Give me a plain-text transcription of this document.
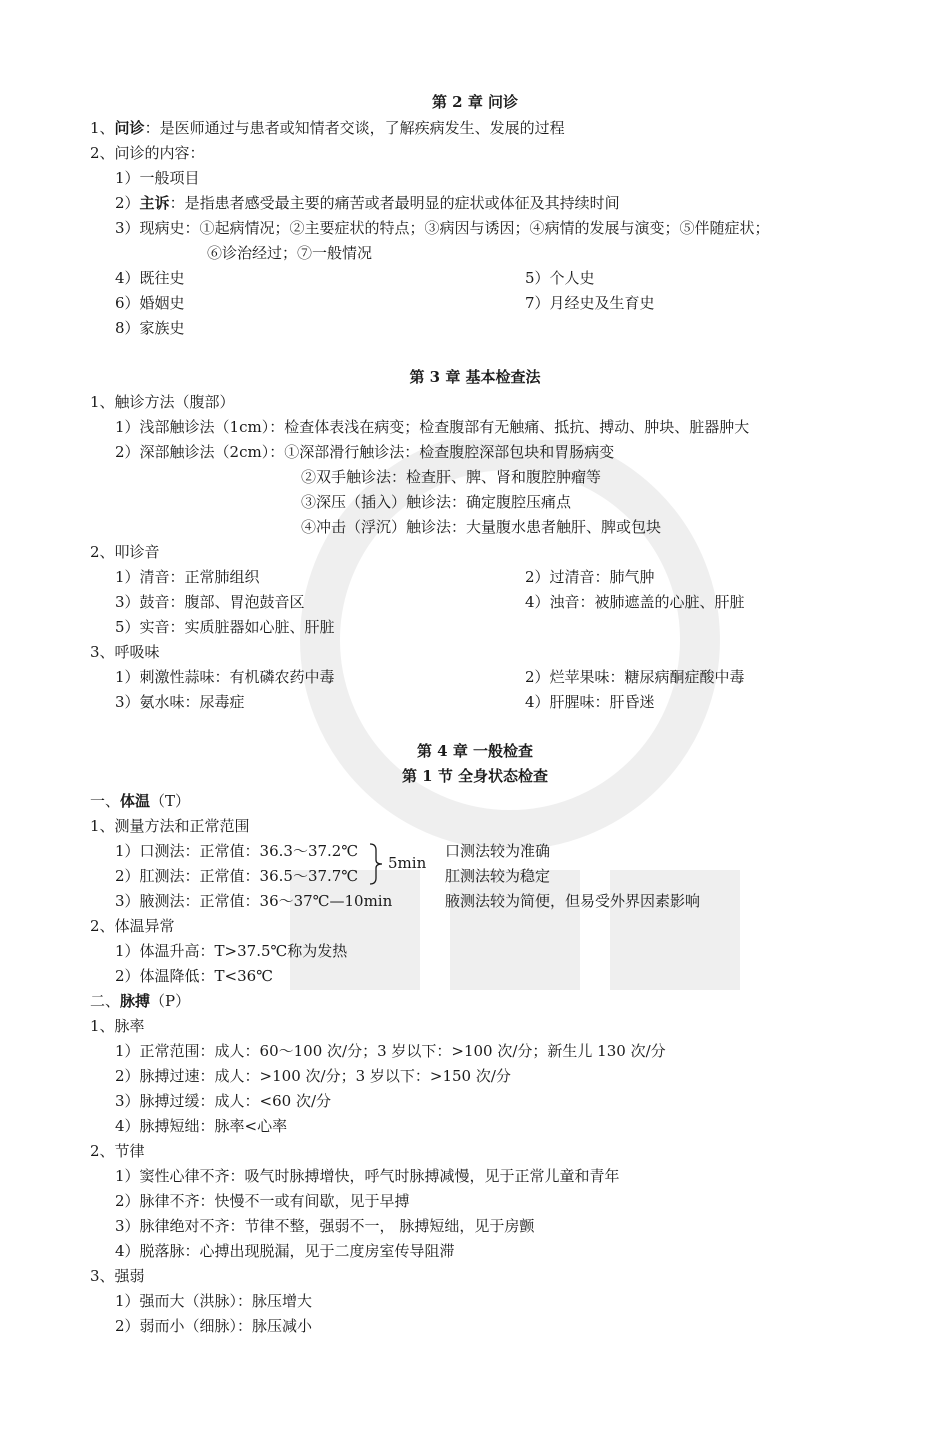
第 2 章 问诊
1、问诊：是医师通过与患者或知情者交谈，了解疾病发生、发展的过程
2、问诊的内容：
1）一般项目
2）主诉：是指患者感受最主要的痛苦或者最明显的症状或体征及其持续时间
3）现病史：①起病情况；②主要症状的特点；③病因与诱因；④病情的发展与演变；⑤伴随症状；
⑥诊治经过；⑦一般情况
4）既往史	5）个人史
6）婚姻史	7）月经史及生育史
8）家族史
第 3 章 基本检查法
1、触诊方法（腹部）
1）浅部触诊法（1cm）：检查体表浅在病变；检查腹部有无触痛、抵抗、搏动、肿块、脏器肿大
2）深部触诊法（2cm）：①深部滑行触诊法：检查腹腔深部包块和胃肠病变
②双手触诊法：检查肝、脾、肾和腹腔肿瘤等
③深压（插入）触诊法：确定腹腔压痛点
④冲击（浮沉）触诊法：大量腹水患者触肝、脾或包块
2、叩诊音
1）清音：正常肺组织	2）过清音：肺气肿
3）鼓音：腹部、胃泡鼓音区	4）浊音：被肺遮盖的心脏、肝脏
5）实音：实质脏器如心脏、肝脏
3、呼吸味
1）刺激性蒜味：有机磷农药中毒	2）烂苹果味：糖尿病酮症酸中毒
3）氨水味：尿毒症	4）肝腥味：肝昏迷
第 4 章 一般检查
第 1 节 全身状态检查
一、体温（T）
1、测量方法和正常范围
1）口测法：正常值：36.3～37.2℃	口测法较为准确
5min
2）肛测法：正常值：36.5～37.7℃	肛测法较为稳定
3）腋测法：正常值：36～37℃—10min	腋测法较为简便，但易受外界因素影响
2、体温异常
1）体温升高：T>37.5℃称为发热
2）体温降低：T<36℃
二、脉搏（P）
1、脉率
1）正常范围：成人：60～100 次/分；3 岁以下：>100 次/分；新生儿 130 次/分
2）脉搏过速：成人：>100 次/分；3 岁以下：>150 次/分
3）脉搏过缓：成人：<60 次/分
4）脉搏短绌：脉率<心率
2、节律
1）窦性心律不齐：吸气时脉搏增快，呼气时脉搏减慢，见于正常儿童和青年
2）脉律不齐：快慢不一或有间歇，见于早搏
3）脉律绝对不齐：节律不整，强弱不一， 脉搏短绌，见于房颤
4）脱落脉：心搏出现脱漏，见于二度房室传导阻滞
3、强弱
1）强而大（洪脉）：脉压增大
2）弱而小（细脉）：脉压减小
